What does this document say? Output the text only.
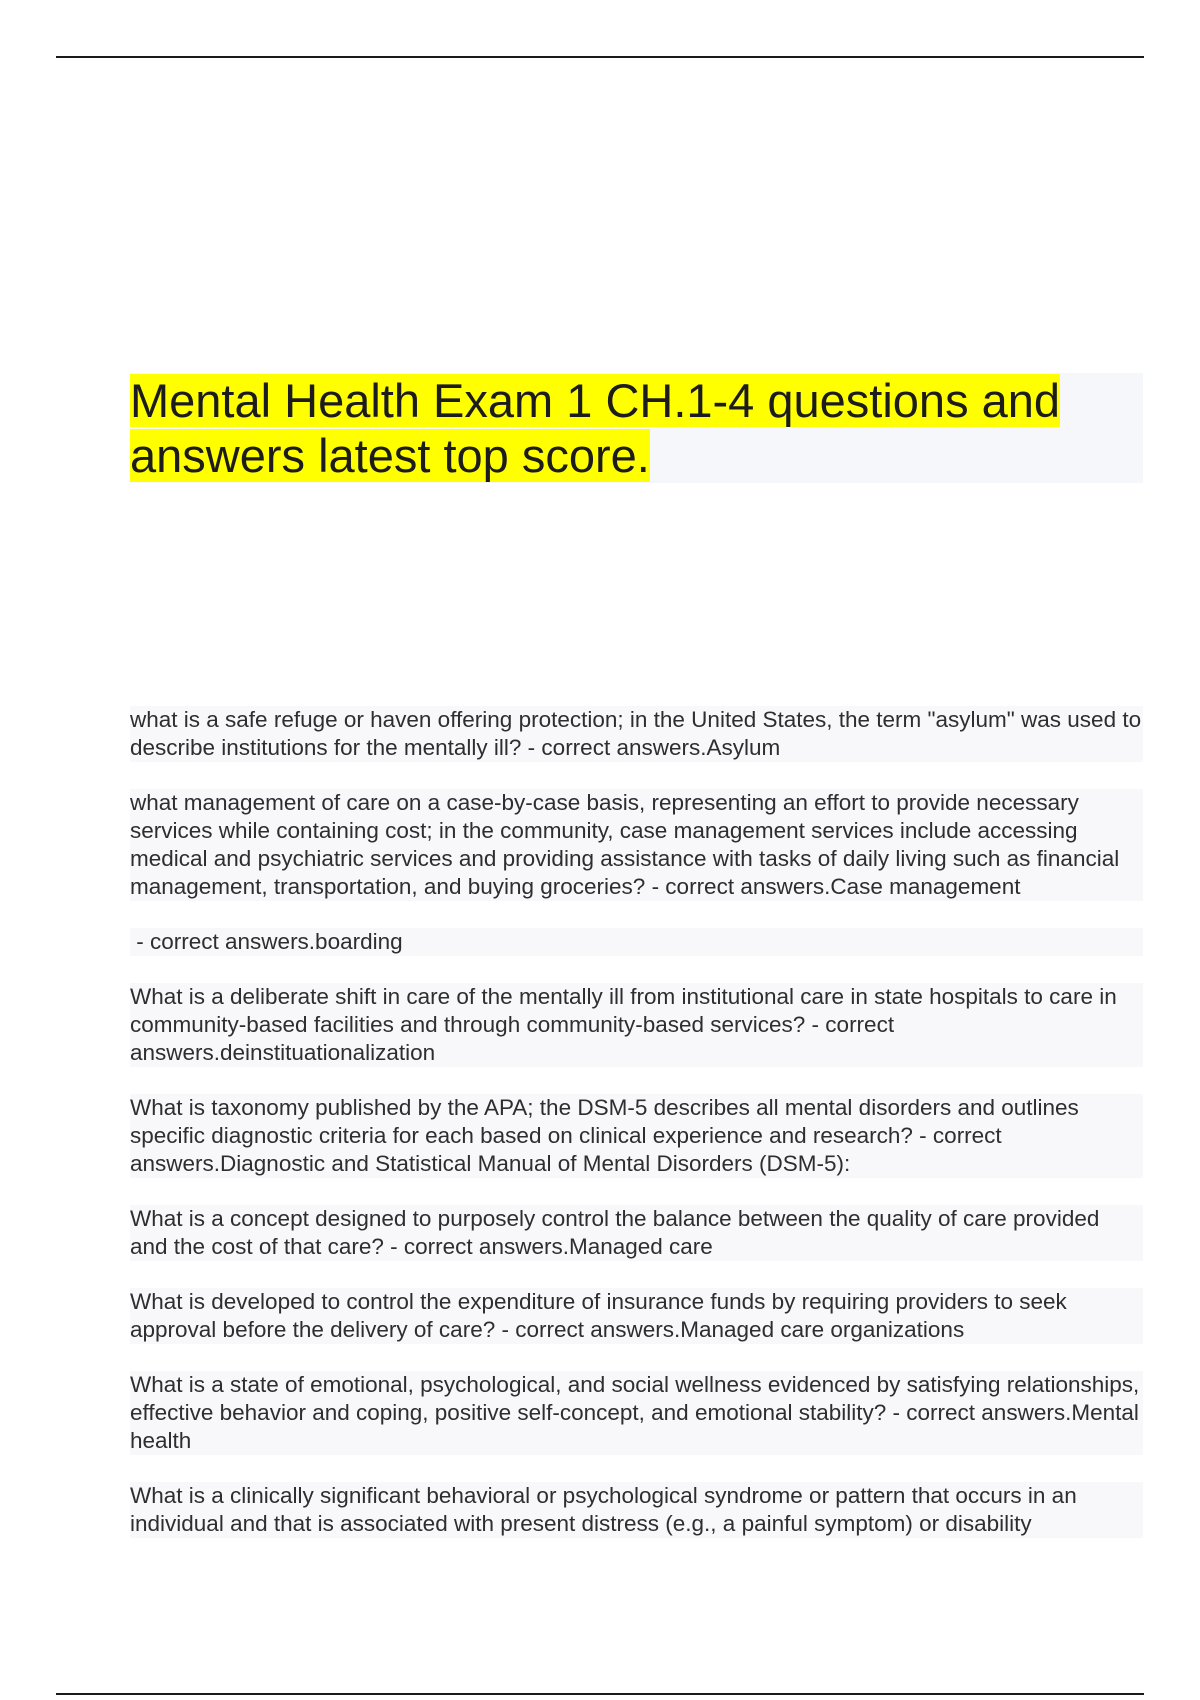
Mental Health Exam 1 CH.1-4 questions and answers latest top score.

what is a safe refuge or haven offering protection; in the United States, the term "asylum" was used to describe institutions for the mentally ill? - correct answers.Asylum

what management of care on a case-by-case basis, representing an effort to provide necessary services while containing cost; in the community, case management services include accessing medical and psychiatric services and providing assistance with tasks of daily living such as financial management, transportation, and buying groceries? - correct answers.Case management

- correct answers.boarding

What is a deliberate shift in care of the mentally ill from institutional care in state hospitals to care in community-based facilities and through community-based services? - correct answers.deinstituationalization

What is taxonomy published by the APA; the DSM-5 describes all mental disorders and outlines specific diagnostic criteria for each based on clinical experience and research? - correct answers.Diagnostic and Statistical Manual of Mental Disorders (DSM-5):

What is a concept designed to purposely control the balance between the quality of care provided and the cost of that care? - correct answers.Managed care

What is developed to control the expenditure of insurance funds by requiring providers to seek approval before the delivery of care? - correct answers.Managed care organizations

What is a state of emotional, psychological, and social wellness evidenced by satisfying relationships, effective behavior and coping, positive self-concept, and emotional stability? - correct answers.Mental health

What is a clinically significant behavioral or psychological syndrome or pattern that occurs in an individual and that is associated with present distress (e.g., a painful symptom) or disability
